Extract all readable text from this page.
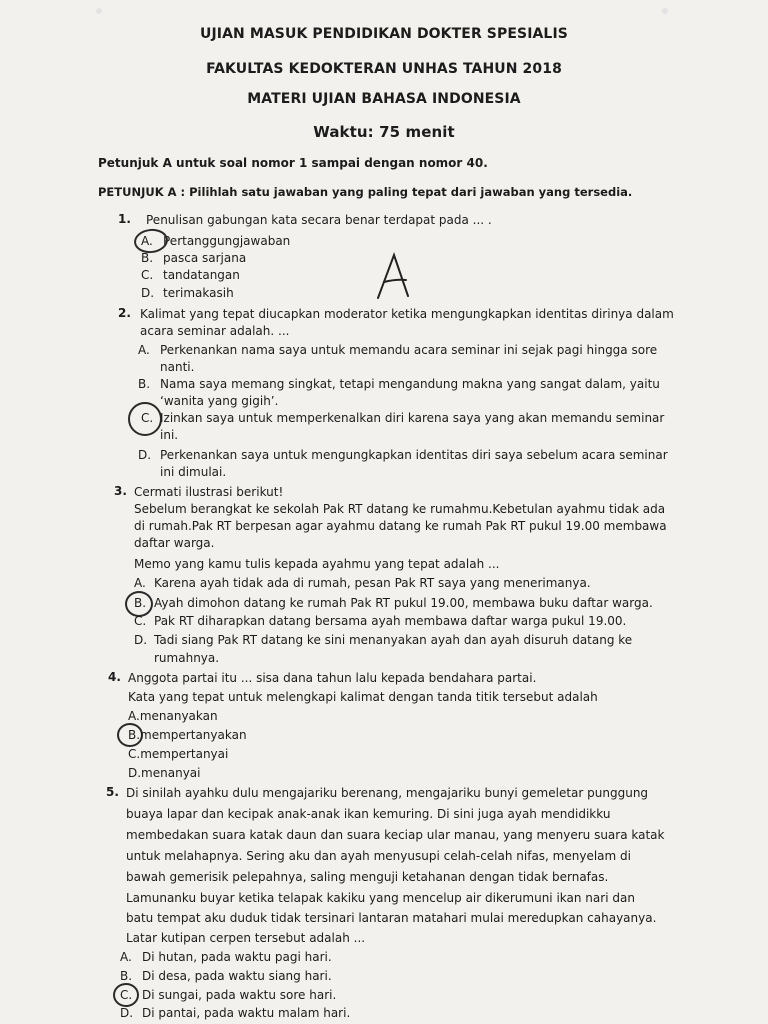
UJIAN MASUK PENDIDIKAN DOKTER SPESIALIS
FAKULTAS KEDOKTERAN UNHAS TAHUN 2018
MATERI UJIAN BAHASA INDONESIA
Waktu: 75 menit
Petunjuk A untuk soal nomor 1 sampai dengan nomor 40.
PETUNJUK A : Pilihlah satu jawaban yang paling tepat dari jawaban yang tersedia.
1. Penulisan gabungan kata secara benar terdapat pada ... .
A. Pertanggungjawaban
B. pasca sarjana
C. tandatangan
D. terimakasih
2. Kalimat yang tepat diucapkan moderator ketika mengungkapkan identitas dirinya dalam
acara seminar adalah. ...
A. Perkenankan nama saya untuk memandu acara seminar ini sejak pagi hingga sore
nanti.
B. Nama saya memang singkat, tetapi mengandung makna yang sangat dalam, yaitu
‘wanita yang gigih’.
C. Izinkan saya untuk memperkenalkan diri karena saya yang akan memandu seminar
ini.
D. Perkenankan saya untuk mengungkapkan identitas diri saya sebelum acara seminar
ini dimulai.
3. Cermati ilustrasi berikut!
Sebelum berangkat ke sekolah Pak RT datang ke rumahmu.Kebetulan ayahmu tidak ada
di rumah.Pak RT berpesan agar ayahmu datang ke rumah Pak RT pukul 19.00 membawa
daftar warga.
Memo yang kamu tulis kepada ayahmu yang tepat adalah ...
A. Karena ayah tidak ada di rumah, pesan Pak RT saya yang menerimanya.
B. Ayah dimohon datang ke rumah Pak RT pukul 19.00, membawa buku daftar warga.
C. Pak RT diharapkan datang bersama ayah membawa daftar warga pukul 19.00.
D. Tadi siang Pak RT datang ke sini menanyakan ayah dan ayah disuruh datang ke
rumahnya.
4. Anggota partai itu ... sisa dana tahun lalu kepada bendahara partai.
Kata yang tepat untuk melengkapi kalimat dengan tanda titik tersebut adalah
A.menanyakan
B.mempertanyakan
C.mempertanyai
D.menanyai
5. Di sinilah ayahku dulu mengajariku berenang, mengajariku bunyi gemeletar punggung
buaya lapar dan kecipak anak-anak ikan kemuring. Di sini juga ayah mendidikku
membedakan suara katak daun dan suara keciap ular manau, yang menyeru suara katak
untuk melahapnya. Sering aku dan ayah menyusupi celah-celah nifas, menyelam di
bawah gemerisik pelepahnya, saling menguji ketahanan dengan tidak bernafas.
Lamunanku buyar ketika telapak kakiku yang mencelup air dikerumuni ikan nari dan
batu tempat aku duduk tidak tersinari lantaran matahari mulai meredupkan cahayanya.
Latar kutipan cerpen tersebut adalah ...
A. Di hutan, pada waktu pagi hari.
B. Di desa, pada waktu siang hari.
C. Di sungai, pada waktu sore hari.
D. Di pantai, pada waktu malam hari.
